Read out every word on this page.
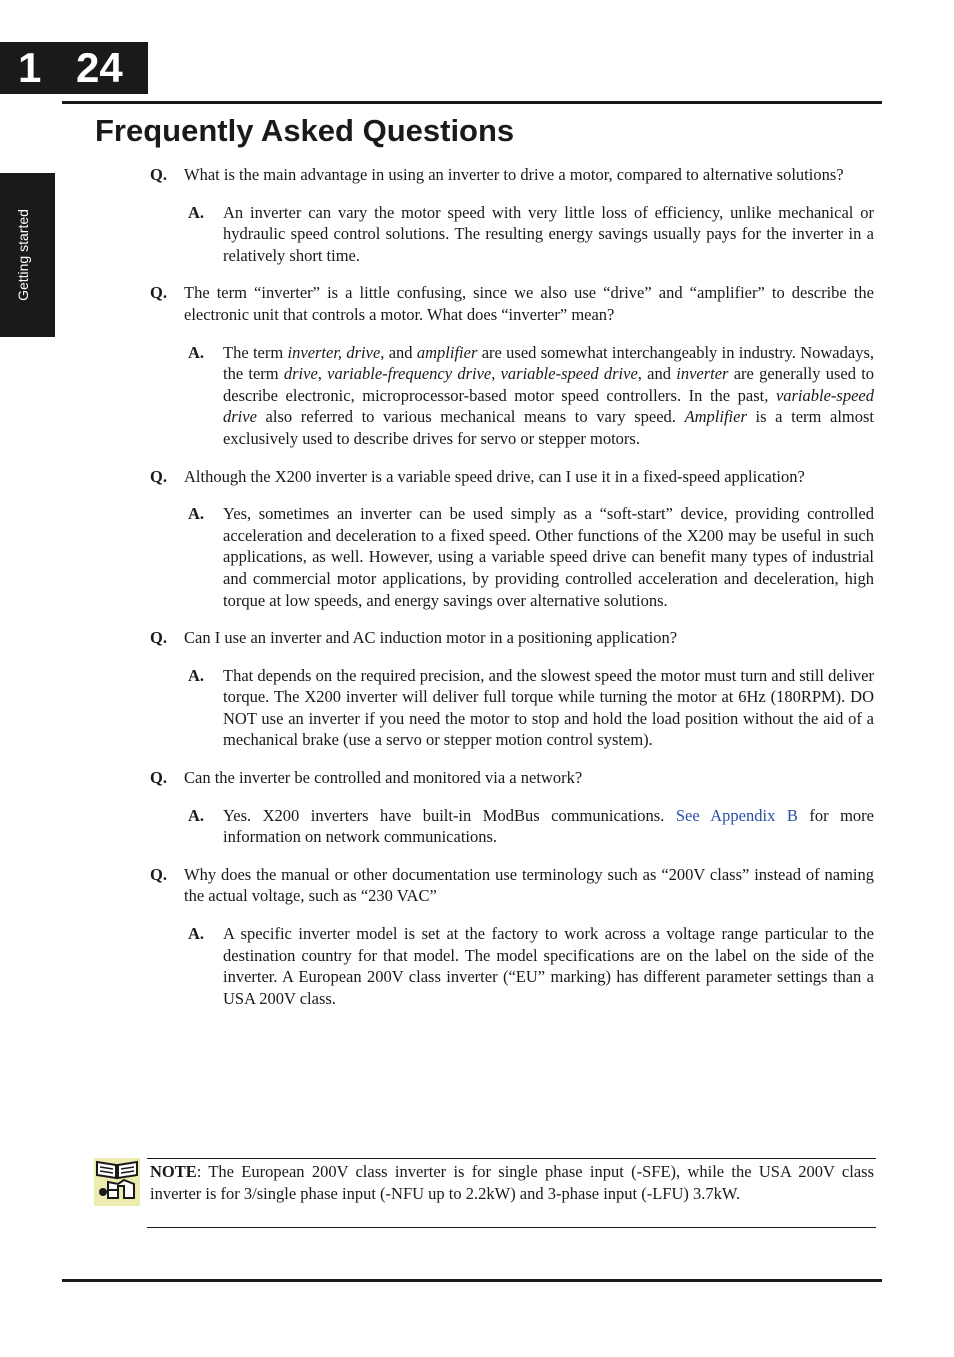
1 24
Frequently Asked Questions
Getting started

Q. What is the main advantage in using an inverter to drive a motor, compared to alternative solutions?

A. An inverter can vary the motor speed with very little loss of efficiency, unlike mechanical or hydraulic speed control solutions. The resulting energy savings usually pays for the inverter in a relatively short time.

Q. The term “inverter” is a little confusing, since we also use “drive” and “amplifier” to describe the electronic unit that controls a motor. What does “inverter” mean?

A. The term inverter, drive, and amplifier are used somewhat interchangeably in industry. Nowadays, the term drive, variable-frequency drive, variable-speed drive, and inverter are generally used to describe electronic, microprocessor-based motor speed controllers. In the past, variable-speed drive also referred to various mechanical means to vary speed. Amplifier is a term almost exclusively used to describe drives for servo or stepper motors.

Q. Although the X200 inverter is a variable speed drive, can I use it in a fixed-speed application?

A. Yes, sometimes an inverter can be used simply as a “soft-start” device, providing controlled acceleration and deceleration to a fixed speed. Other functions of the X200 may be useful in such applications, as well. However, using a variable speed drive can benefit many types of industrial and commercial motor applications, by providing controlled acceleration and deceleration, high torque at low speeds, and energy savings over alternative solutions.

Q. Can I use an inverter and AC induction motor in a positioning application?

A. That depends on the required precision, and the slowest speed the motor must turn and still deliver torque. The X200 inverter will deliver full torque while turning the motor at 6Hz (180RPM). DO NOT use an inverter if you need the motor to stop and hold the load position without the aid of a mechanical brake (use a servo or stepper motion control system).

Q. Can the inverter be controlled and monitored via a network?

A. Yes. X200 inverters have built-in ModBus communications. See Appendix B for more information on network communications.

Q. Why does the manual or other documentation use terminology such as “200V class” instead of naming the actual voltage, such as “230 VAC”

A. A specific inverter model is set at the factory to work across a voltage range particular to the destination country for that model. The model specifications are on the label on the side of the inverter. A European 200V class inverter (“EU” marking) has different parameter settings than a USA 200V class.

NOTE: The European 200V class inverter is for single phase input (-SFE), while the USA 200V class inverter is for 3/single phase input (-NFU up to 2.2kW) and 3-phase input (-LFU) 3.7kW.
